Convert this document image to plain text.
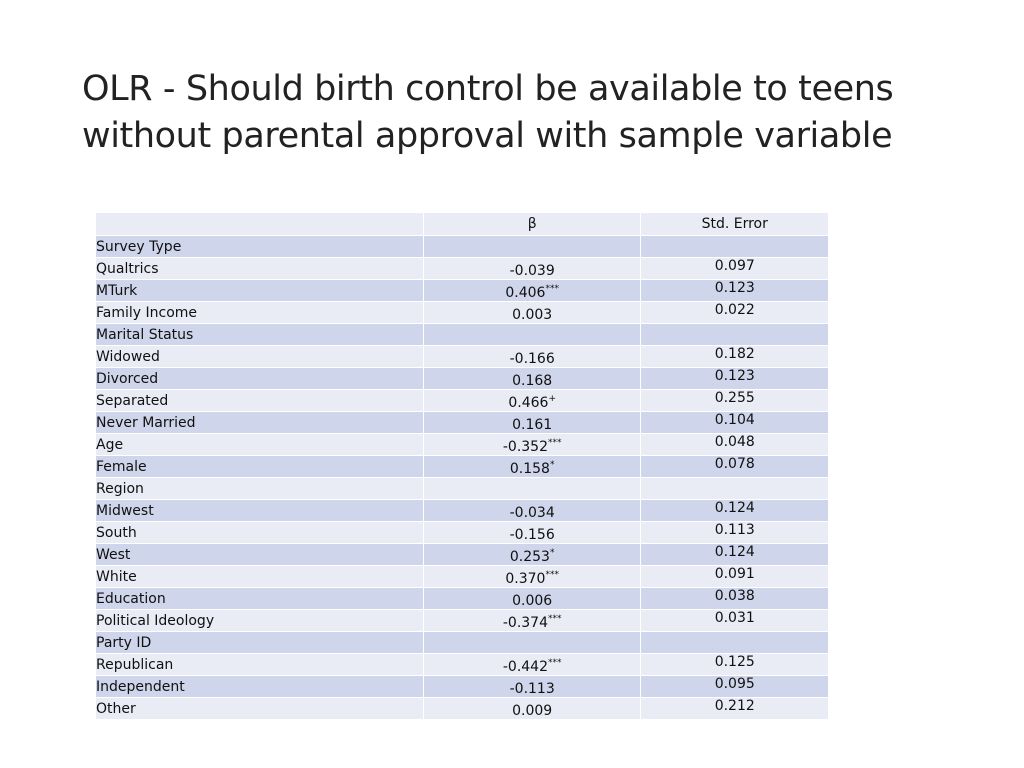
OLR - Should birth control be available to teens
without parental approval with sample variable
	β	Std. Error
Survey Type		
Qualtrics	-0.039	0.097
MTurk	0.406***	0.123
Family Income	0.003	0.022
Marital Status		
Widowed	-0.166	0.182
Divorced	0.168	0.123
Separated	0.466+	0.255
Never Married	0.161	0.104
Age	-0.352***	0.048
Female	0.158*	0.078
Region		
Midwest	-0.034	0.124
South	-0.156	0.113
West	0.253*	0.124
White	0.370***	0.091
Education	0.006	0.038
Political Ideology	-0.374***	0.031
Party ID		
Republican	-0.442***	0.125
Independent	-0.113	0.095
Other	0.009	0.212
